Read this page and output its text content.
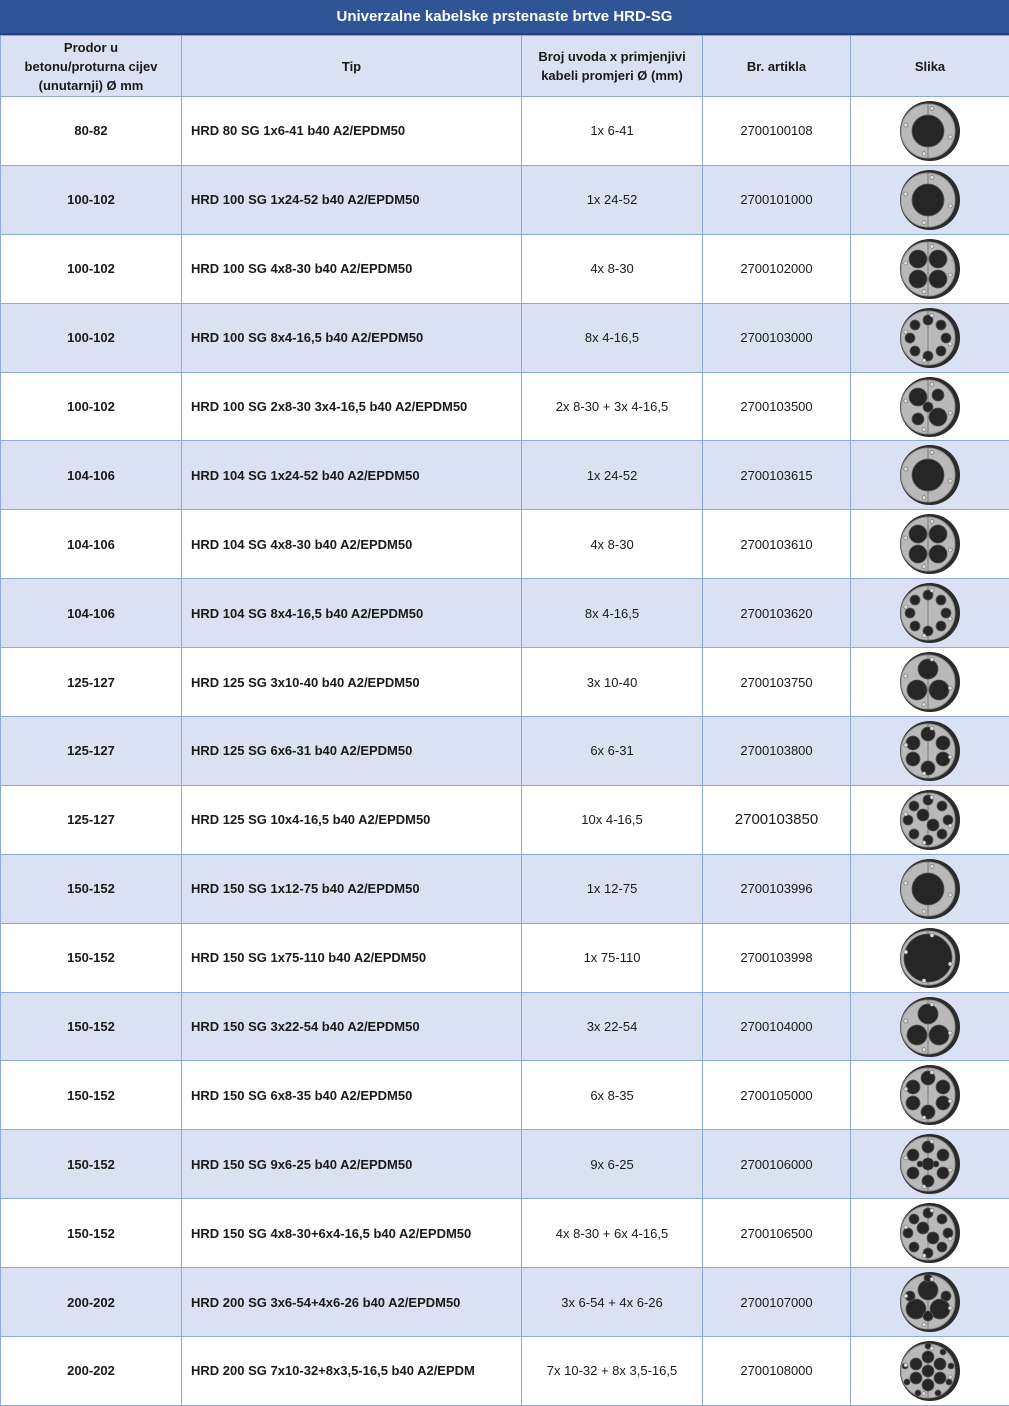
Univerzalne kabelske prstenaste brtve HRD-SG
Prodor u betonu/proturna cijev (unutarnji) Ø mm	Tip	Broj uvoda x primjenjivi kabeli promjeri Ø (mm)	Br. artikla	Slika
80-82	HRD 80 SG 1x6-41 b40 A2/EPDM50	1x 6-41	2700100108	

100-102	HRD 100 SG 1x24-52 b40 A2/EPDM50	1x 24-52	2700101000	

100-102	HRD 100 SG 4x8-30 b40 A2/EPDM50	4x 8-30	2700102000	

100-102	HRD 100 SG 8x4-16,5 b40 A2/EPDM50	8x 4-16,5	2700103000	

100-102	HRD 100 SG 2x8-30 3x4-16,5 b40 A2/EPDM50	2x 8-30 + 3x 4-16,5	2700103500	

104-106	HRD 104 SG 1x24-52 b40 A2/EPDM50	1x 24-52	2700103615	

104-106	HRD 104 SG 4x8-30 b40 A2/EPDM50	4x 8-30	2700103610	

104-106	HRD 104 SG 8x4-16,5 b40 A2/EPDM50	8x 4-16,5	2700103620	

125-127	HRD 125 SG 3x10-40 b40 A2/EPDM50	3x 10-40	2700103750	

125-127	HRD 125 SG 6x6-31 b40 A2/EPDM50	6x 6-31	2700103800	

125-127	HRD 125 SG 10x4-16,5 b40 A2/EPDM50	10x 4-16,5	2700103850	

150-152	HRD 150 SG 1x12-75 b40 A2/EPDM50	1x 12-75	2700103996	

150-152	HRD 150 SG 1x75-110 b40 A2/EPDM50	1x 75-110	2700103998	

150-152	HRD 150 SG 3x22-54 b40 A2/EPDM50	3x 22-54	2700104000	

150-152	HRD 150 SG 6x8-35 b40 A2/EPDM50	6x 8-35	2700105000	

150-152	HRD 150 SG 9x6-25 b40 A2/EPDM50	9x 6-25	2700106000	

150-152	HRD 150 SG 4x8-30+6x4-16,5 b40 A2/EPDM50	4x 8-30 + 6x 4-16,5	2700106500	

200-202	HRD 200 SG 3x6-54+4x6-26 b40 A2/EPDM50	3x 6-54 + 4x 6-26	2700107000	

200-202	HRD 200 SG 7x10-32+8x3,5-16,5 b40 A2/EPDM	7x 10-32 + 8x 3,5-16,5	2700108000	
